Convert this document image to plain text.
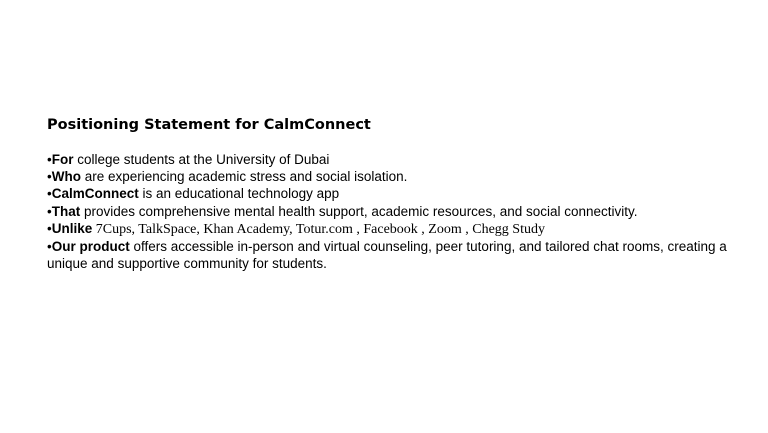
Positioning Statement for CalmConnect
•For college students at the University of Dubai
•Who are experiencing academic stress and social isolation.
•CalmConnect is an educational technology app
•That provides comprehensive mental health support, academic resources, and social connectivity.
•Unlike 7Cups, TalkSpace, Khan Academy, Totur.com , Facebook , Zoom , Chegg Study
•Our product offers accessible in-person and virtual counseling, peer tutoring, and tailored chat rooms, creating a unique and supportive community for students.
